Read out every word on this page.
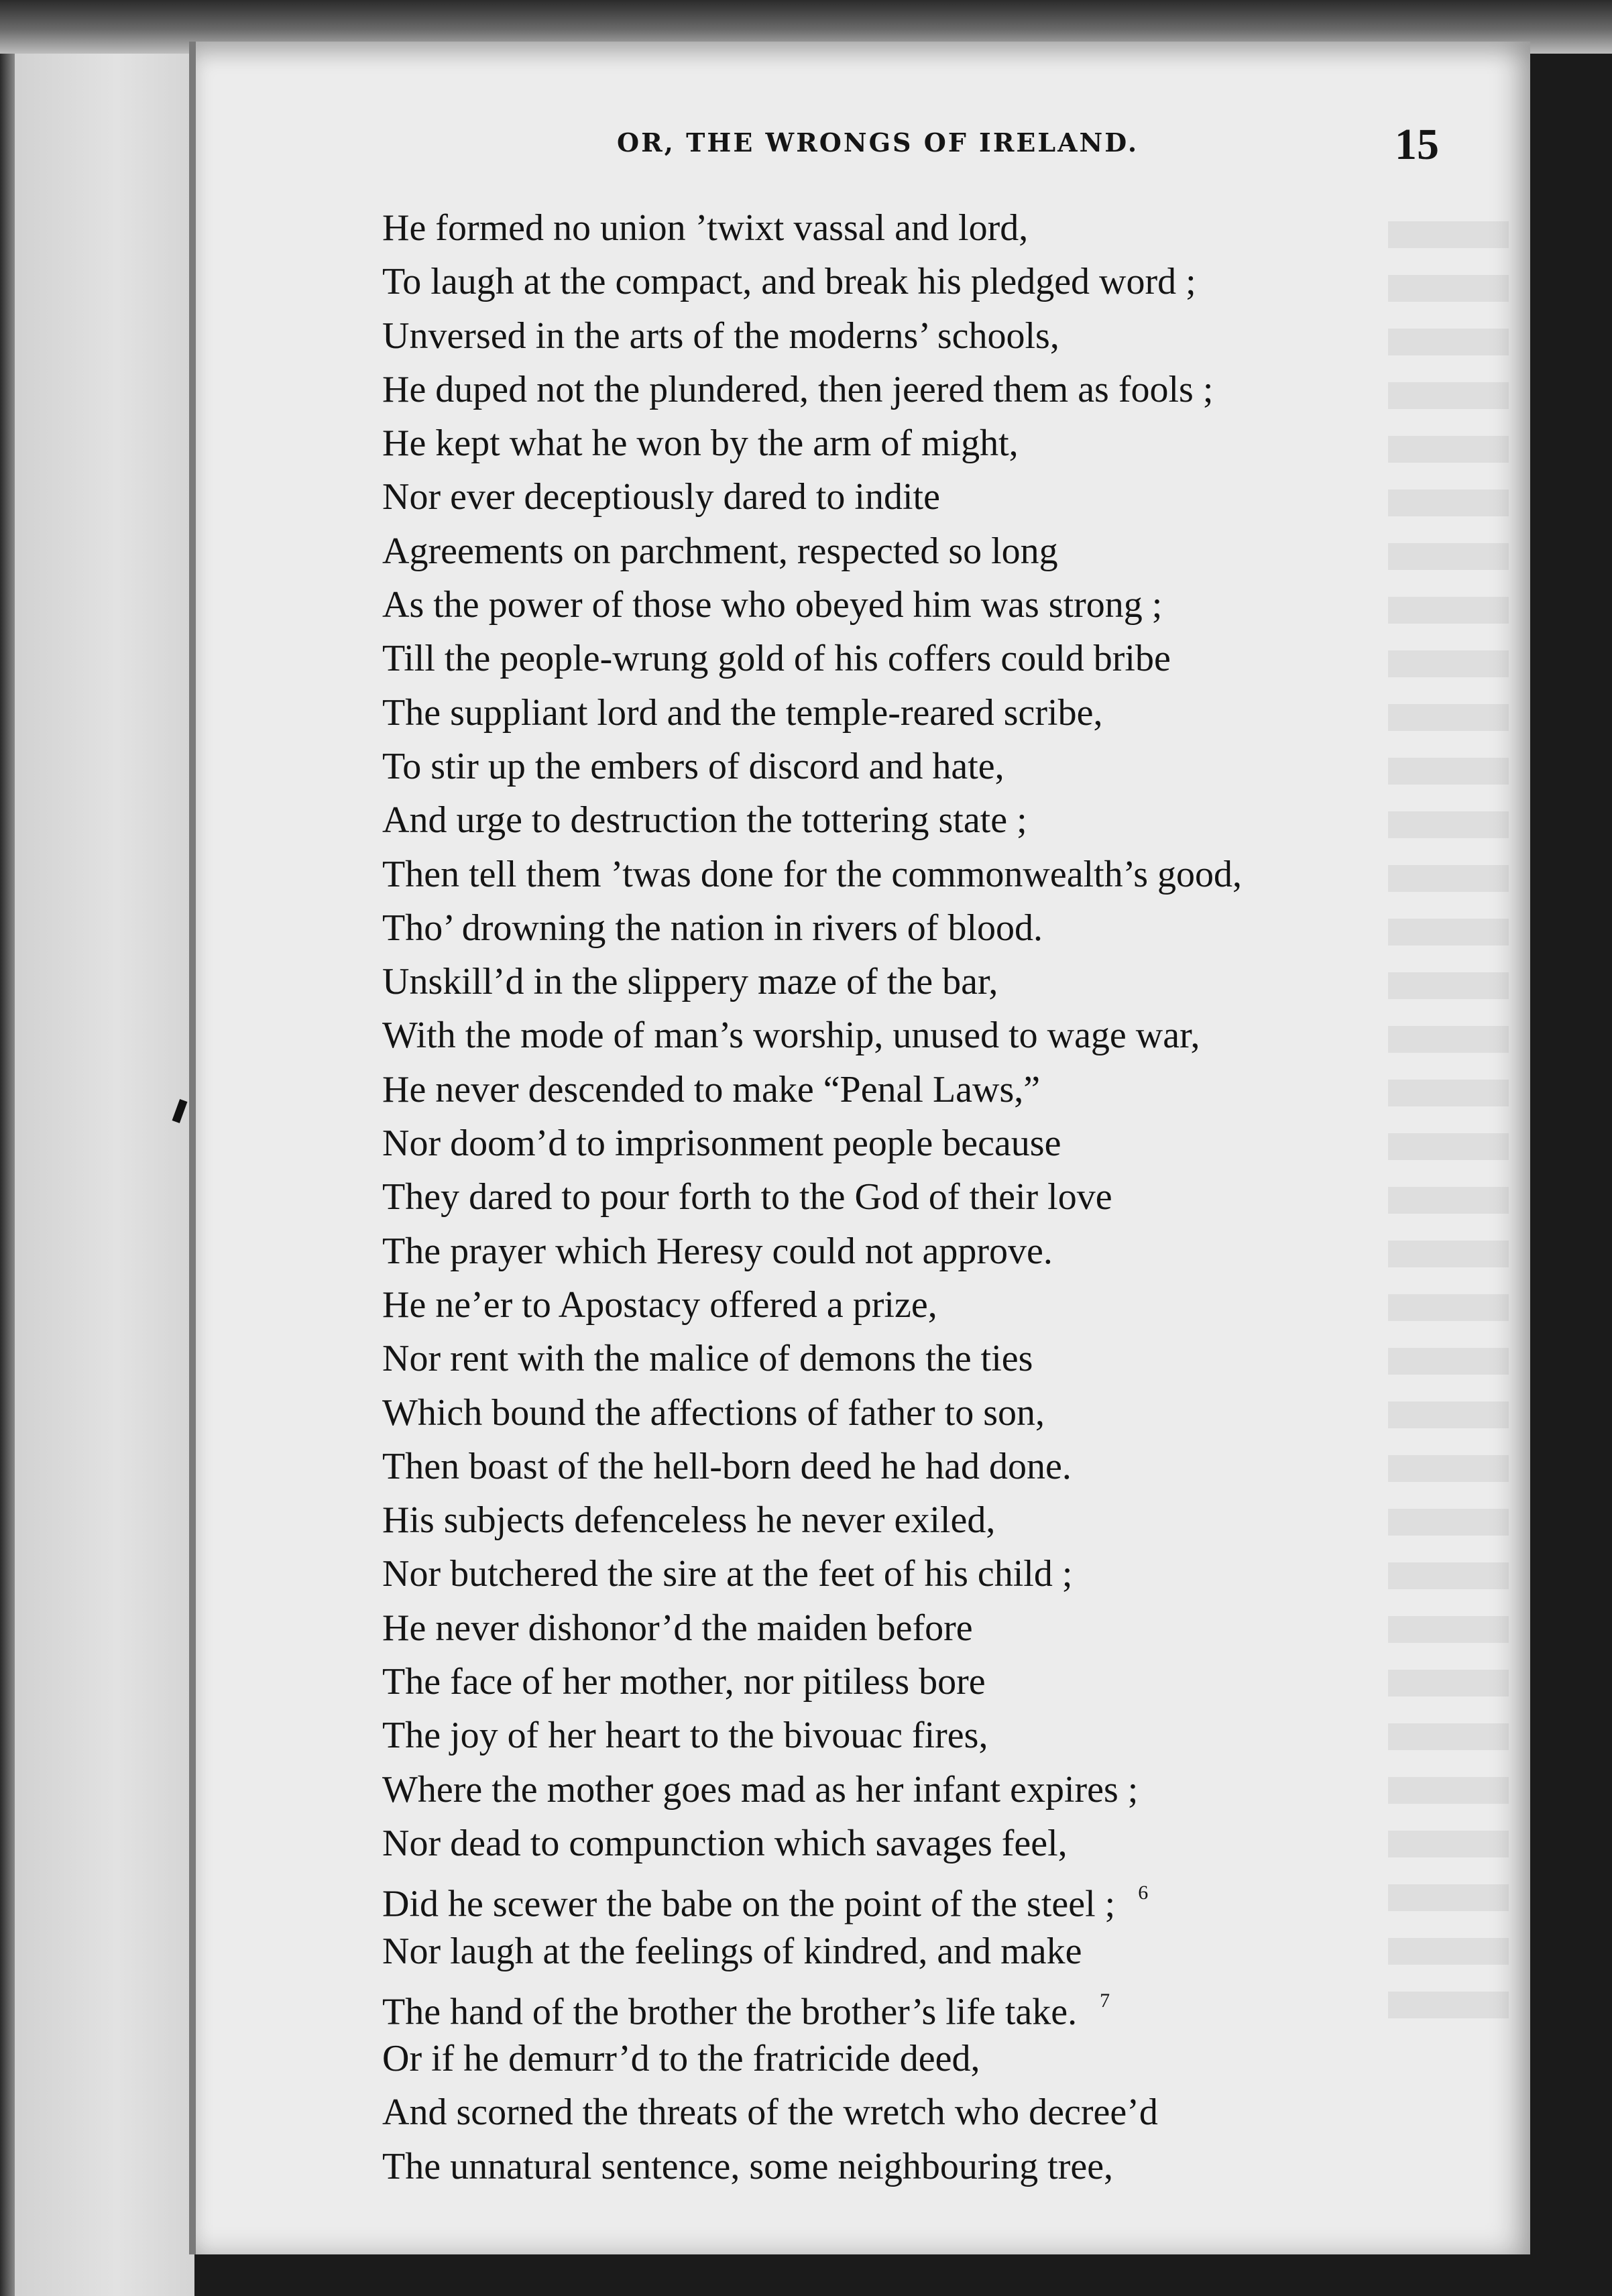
OR, THE WRONGS OF IRELAND.	15

He formed no union ’twixt vassal and lord,
To laugh at the compact, and break his pledged word ;
Unversed in the arts of the moderns’ schools,
He duped not the plundered, then jeered them as fools ;
He kept what he won by the arm of might,
Nor ever deceptiously dared to indite
Agreements on parchment, respected so long
As the power of those who obeyed him was strong ;
Till the people-wrung gold of his coffers could bribe
The suppliant lord and the temple-reared scribe,
To stir up the embers of discord and hate,
And urge to destruction the tottering state ;
Then tell them ’twas done for the commonwealth’s good,
Tho’ drowning the nation in rivers of blood.
Unskill’d in the slippery maze of the bar,
With the mode of man’s worship, unused to wage war,
He never descended to make “Penal Laws,”
Nor doom’d to imprisonment people because
They dared to pour forth to the God of their love
The prayer which Heresy could not approve.
He ne’er to Apostacy offered a prize,
Nor rent with the malice of demons the ties
Which bound the affections of father to son,
Then boast of the hell-born deed he had done.
His subjects defenceless he never exiled,
Nor butchered the sire at the feet of his child ;
He never dishonor’d the maiden before
The face of her mother, nor pitiless bore
The joy of her heart to the bivouac fires,
Where the mother goes mad as her infant expires ;
Nor dead to compunction which savages feel,
Did he scewer the babe on the point of the steel ; $^6$
Nor laugh at the feelings of kindred, and make
The hand of the brother the brother’s life take. $^7$
Or if he demurr’d to the fratricide deed,
And scorned the threats of the wretch who decree’d
The unnatural sentence, some neighbouring tree,
